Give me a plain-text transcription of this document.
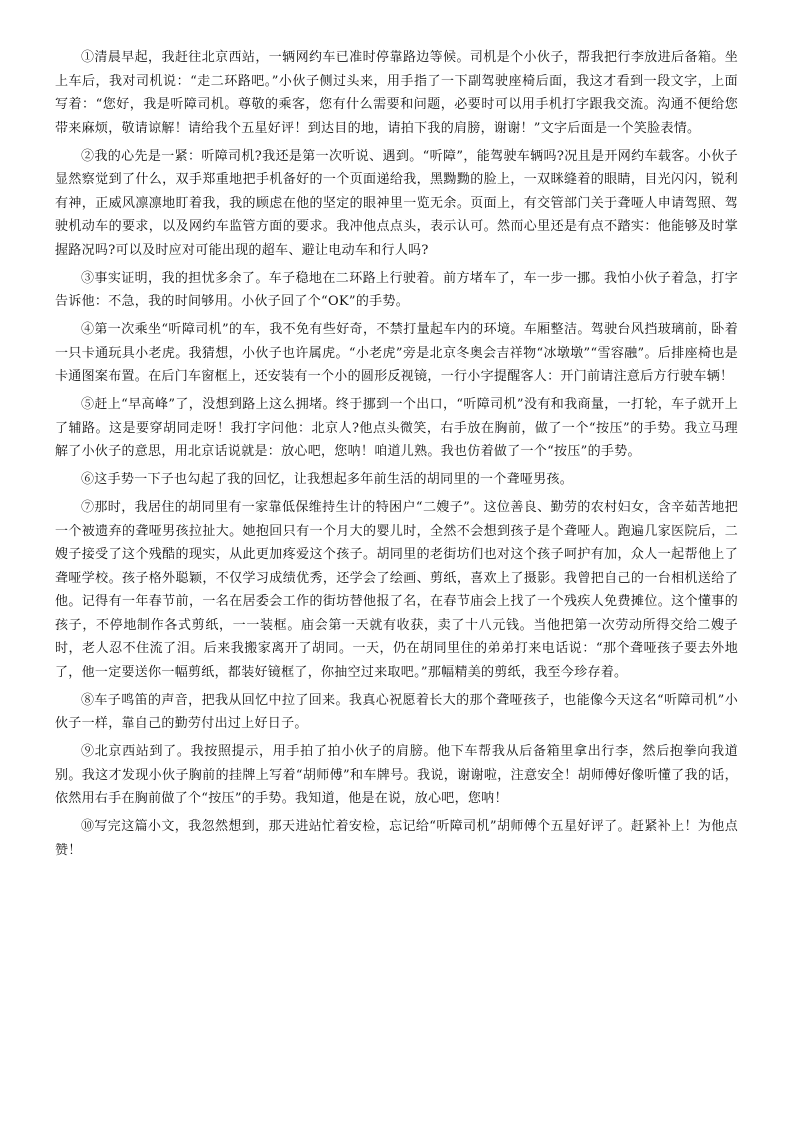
①清晨早起，我赶往北京西站，一辆网约车已准时停靠路边等候。司机是个小伙子，帮我把行李放进后备箱。坐上车后，我对司机说：“走二环路吧。”小伙子侧过头来，用手指了一下副驾驶座椅后面，我这才看到一段文字，上面写着：“您好，我是听障司机。尊敬的乘客，您有什么需要和问题，必要时可以用手机打字跟我交流。沟通不便给您带来麻烦，敬请谅解！请给我个五星好评！到达目的地，请拍下我的肩膀，谢谢！”文字后面是一个笑脸表情。

②我的心先是一紧：听障司机?我还是第一次听说、遇到。“听障”，能驾驶车辆吗?况且是开网约车载客。小伙子显然察觉到了什么，双手郑重地把手机备好的一个页面递给我，黑黝黝的脸上，一双眯缝着的眼睛，目光闪闪，锐利有神，正威风凛凛地盯着我，我的顾虑在他的坚定的眼神里一览无余。页面上，有交管部门关于聋哑人申请驾照、驾驶机动车的要求，以及网约车监管方面的要求。我冲他点点头，表示认可。然而心里还是有点不踏实：他能够及时掌握路况吗?可以及时应对可能出现的超车、避让电动车和行人吗?

③事实证明，我的担忧多余了。车子稳地在二环路上行驶着。前方堵车了，车一步一挪。我怕小伙子着急，打字告诉他：不急，我的时间够用。小伙子回了个“OK”的手势。

④第一次乘坐“听障司机”的车，我不免有些好奇，不禁打量起车内的环境。车厢整洁。驾驶台风挡玻璃前，卧着一只卡通玩具小老虎。我猜想，小伙子也许属虎。“小老虎”旁是北京冬奥会吉祥物“冰墩墩”“雪容融”。后排座椅也是卡通图案布置。在后门车窗框上，还安装有一个小的圆形反视镜，一行小字提醒客人：开门前请注意后方行驶车辆！

⑤赶上“早高峰”了，没想到路上这么拥堵。终于挪到一个出口，“听障司机”没有和我商量，一打轮，车子就开上了辅路。这是要穿胡同走呀！我打字问他：北京人?他点头微笑，右手放在胸前，做了一个“按压”的手势。我立马理解了小伙子的意思，用北京话说就是：放心吧，您呐！咱道儿熟。我也仿着做了一个“按压”的手势。

⑥这手势一下子也勾起了我的回忆，让我想起多年前生活的胡同里的一个聋哑男孩。

⑦那时，我居住的胡同里有一家靠低保维持生计的特困户“二嫂子”。这位善良、勤劳的农村妇女，含辛茹苦地把一个被遗弃的聋哑男孩拉扯大。她抱回只有一个月大的婴儿时，全然不会想到孩子是个聋哑人。跑遍几家医院后，二嫂子接受了这个残酷的现实，从此更加疼爱这个孩子。胡同里的老街坊们也对这个孩子呵护有加，众人一起帮他上了聋哑学校。孩子格外聪颖，不仅学习成绩优秀，还学会了绘画、剪纸，喜欢上了摄影。我曾把自己的一台相机送给了他。记得有一年春节前，一名在居委会工作的街坊替他报了名，在春节庙会上找了一个残疾人免费摊位。这个懂事的孩子，不停地制作各式剪纸，一一装框。庙会第一天就有收获，卖了十八元钱。当他把第一次劳动所得交给二嫂子时，老人忍不住流了泪。后来我搬家离开了胡同。一天，仍在胡同里住的弟弟打来电话说：“那个聋哑孩子要去外地了，他一定要送你一幅剪纸，都装好镜框了，你抽空过来取吧。”那幅精美的剪纸，我至今珍存着。

⑧车子鸣笛的声音，把我从回忆中拉了回来。我真心祝愿着长大的那个聋哑孩子，也能像今天这名“听障司机”小伙子一样，靠自己的勤劳付出过上好日子。

⑨北京西站到了。我按照提示，用手拍了拍小伙子的肩膀。他下车帮我从后备箱里拿出行李，然后抱拳向我道别。我这才发现小伙子胸前的挂牌上写着“胡师傅”和车牌号。我说，谢谢啦，注意安全！胡师傅好像听懂了我的话，依然用右手在胸前做了个“按压”的手势。我知道，他是在说，放心吧，您呐！

⑩写完这篇小文，我忽然想到，那天进站忙着安检，忘记给“听障司机”胡师傅个五星好评了。赶紧补上！为他点赞！
